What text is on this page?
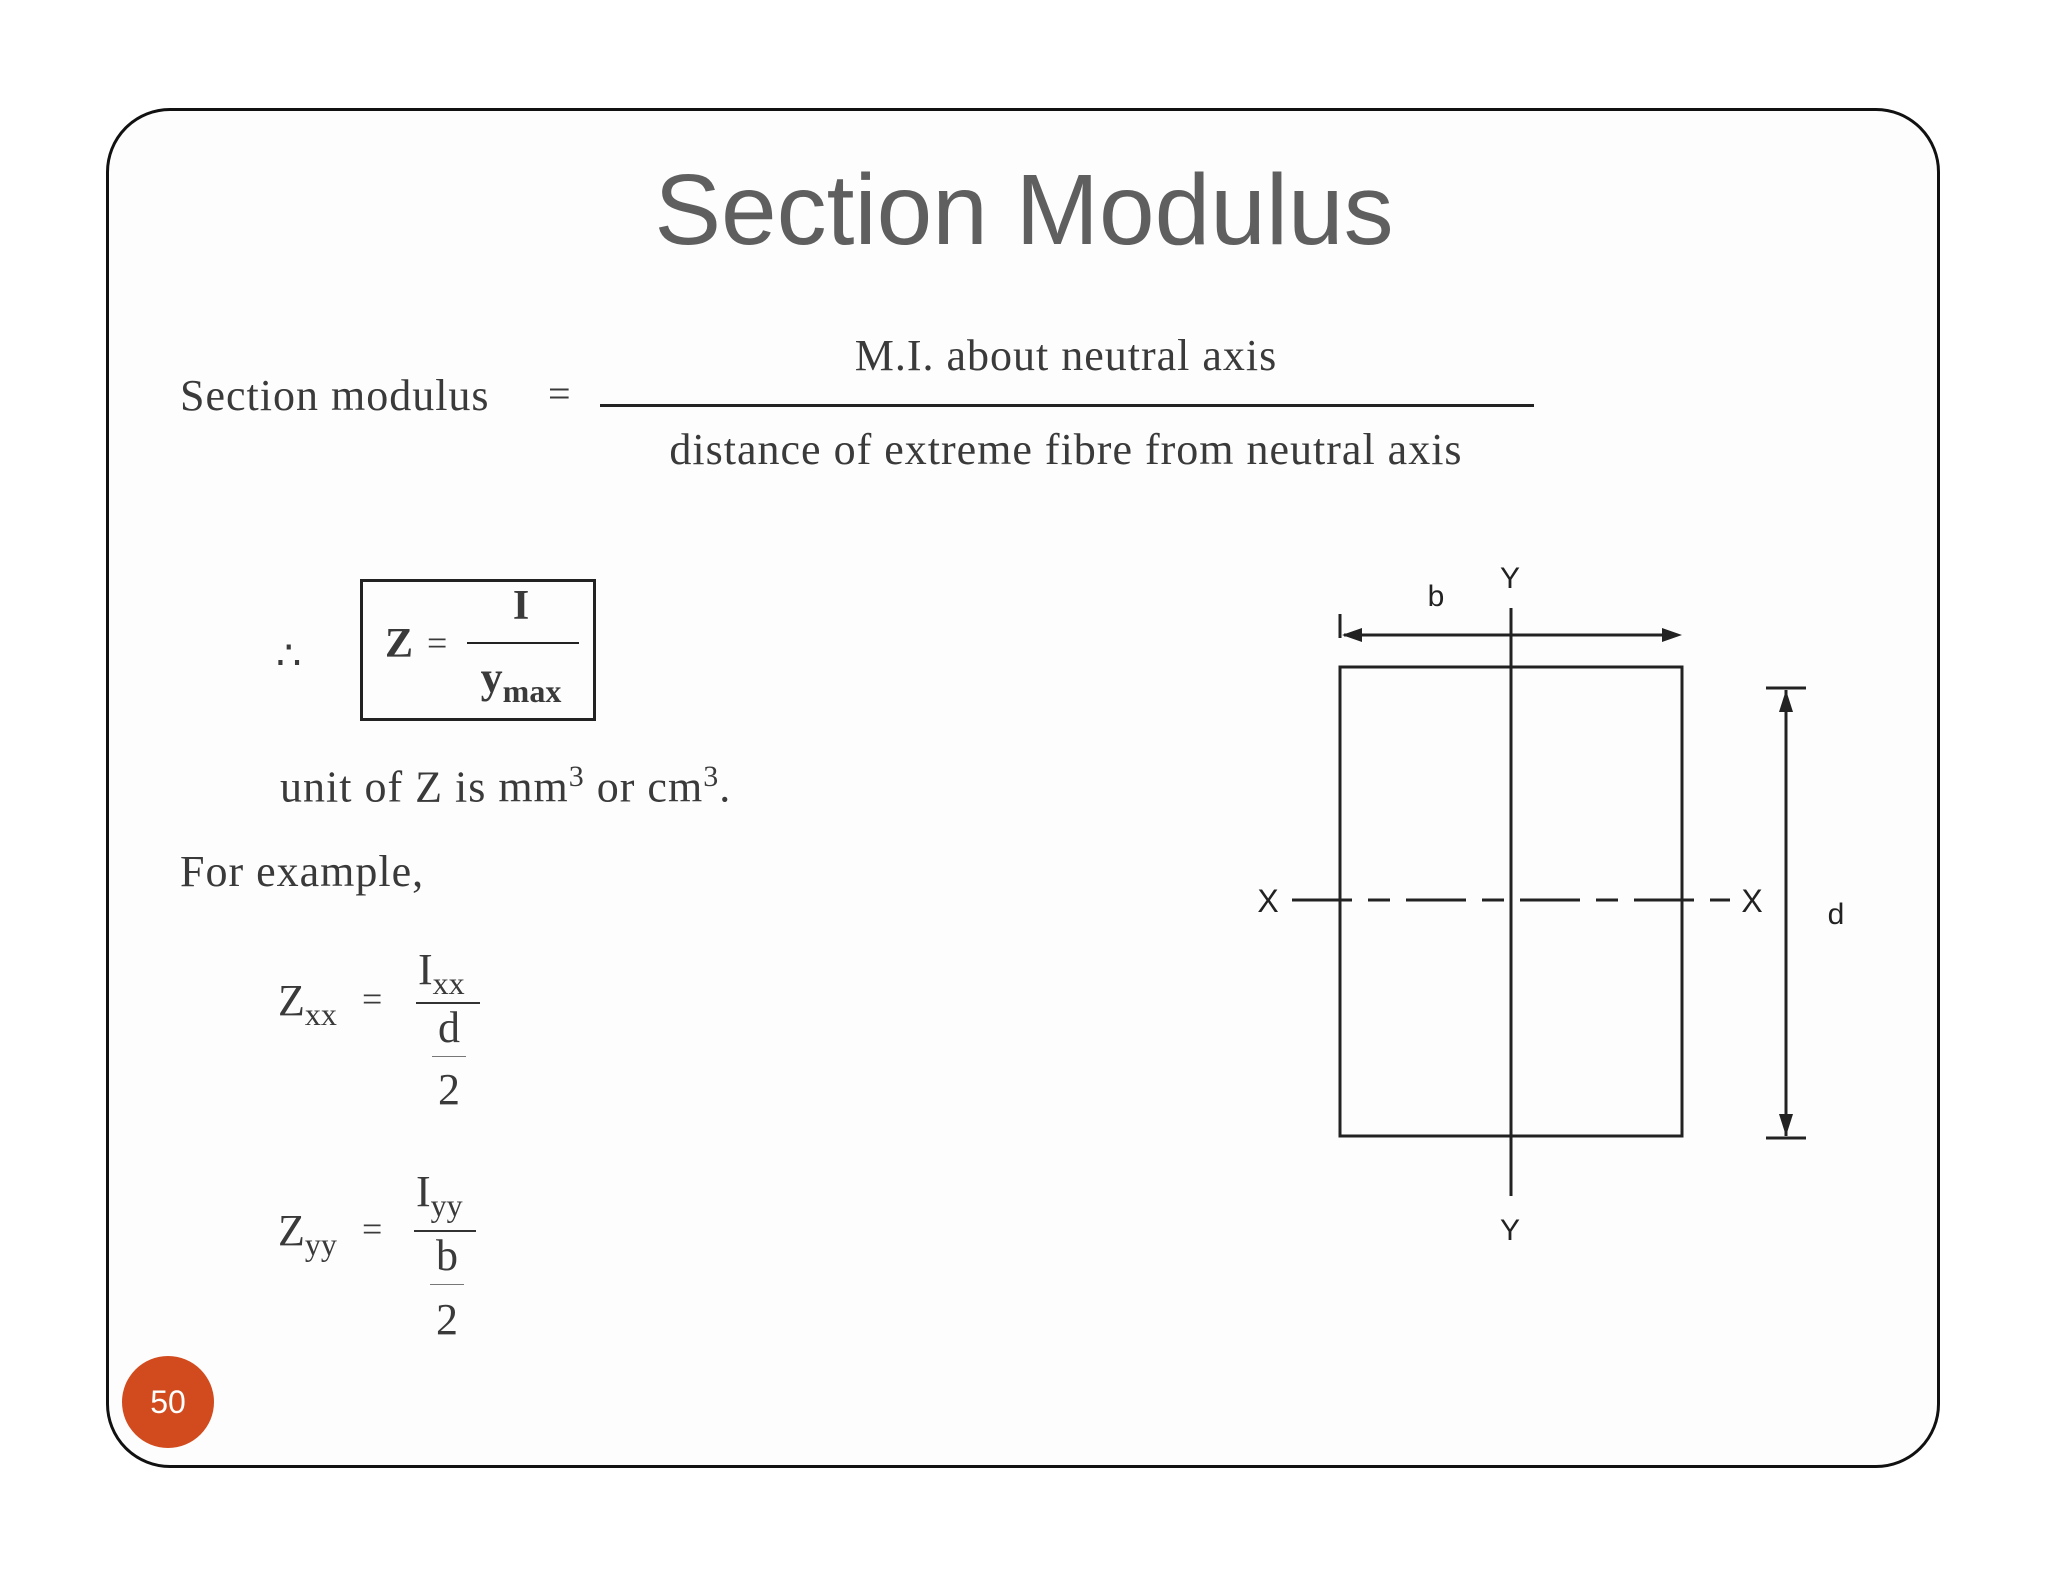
Section Modulus
Section modulus =
M.I. about neutral axis
distance of extreme fibre from neutral axis
∴ Z =
I
$y_{max}$
unit of Z is $mm^3$ or $cm^3$.
For example,
$Z_{xx}$ =
$I_{xx}$
d
2
$Z_{yy}$ =
$I_{yy}$
b
2
b
d
X	X
Y
Y
50
